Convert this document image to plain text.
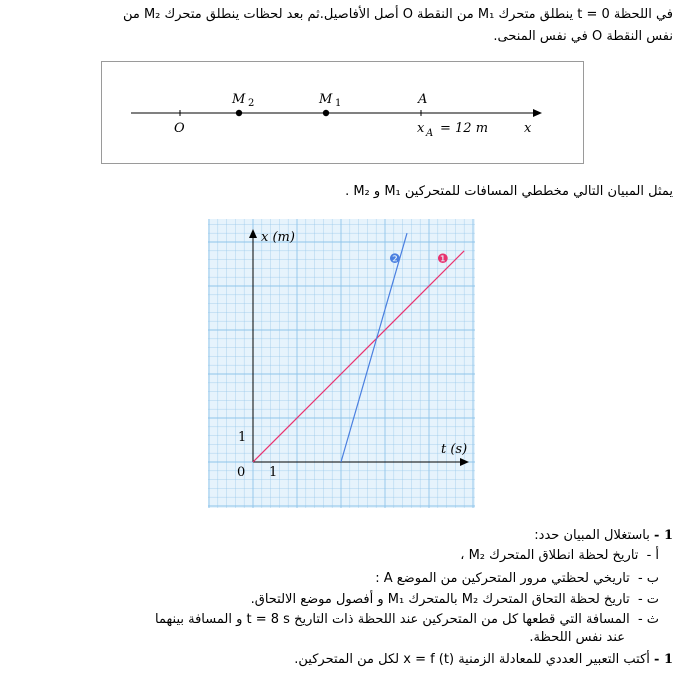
في اللحظة t = 0 ينطلق متحرك M₁ من النقطة O أصل الأفاصيل.ثم بعد لحظات ينطلق متحرك M₂ من
نفس النقطة O في نفس المنحى.
O
M 2	M 1	A
x A = 12 m	x
يمثل المبيان التالي مخططي المسافات للمتحركين M₁ و M₂ .
x (m)
t (s)
1
1
0
❷	❶
1 - باستغلال المبيان حدد:
أ - تاريخ لحظة انطلاق المتحرك M₂ ،
ب - تاريخي لحظتي مرور المتحركين من الموضع A :
ت - تاريخ لحظة التحاق المتحرك M₂ بالمتحرك M₁ و أفصول موضع الالتحاق.
ث - المسافة التي قطعها كل من المتحركين عند اللحظة ذات التاريخ t = 8 s و المسافة بينهما
عند نفس اللحظة.
1 - أكتب التعبير العددي للمعادلة الزمنية x = f (t) لكل من المتحركين.
